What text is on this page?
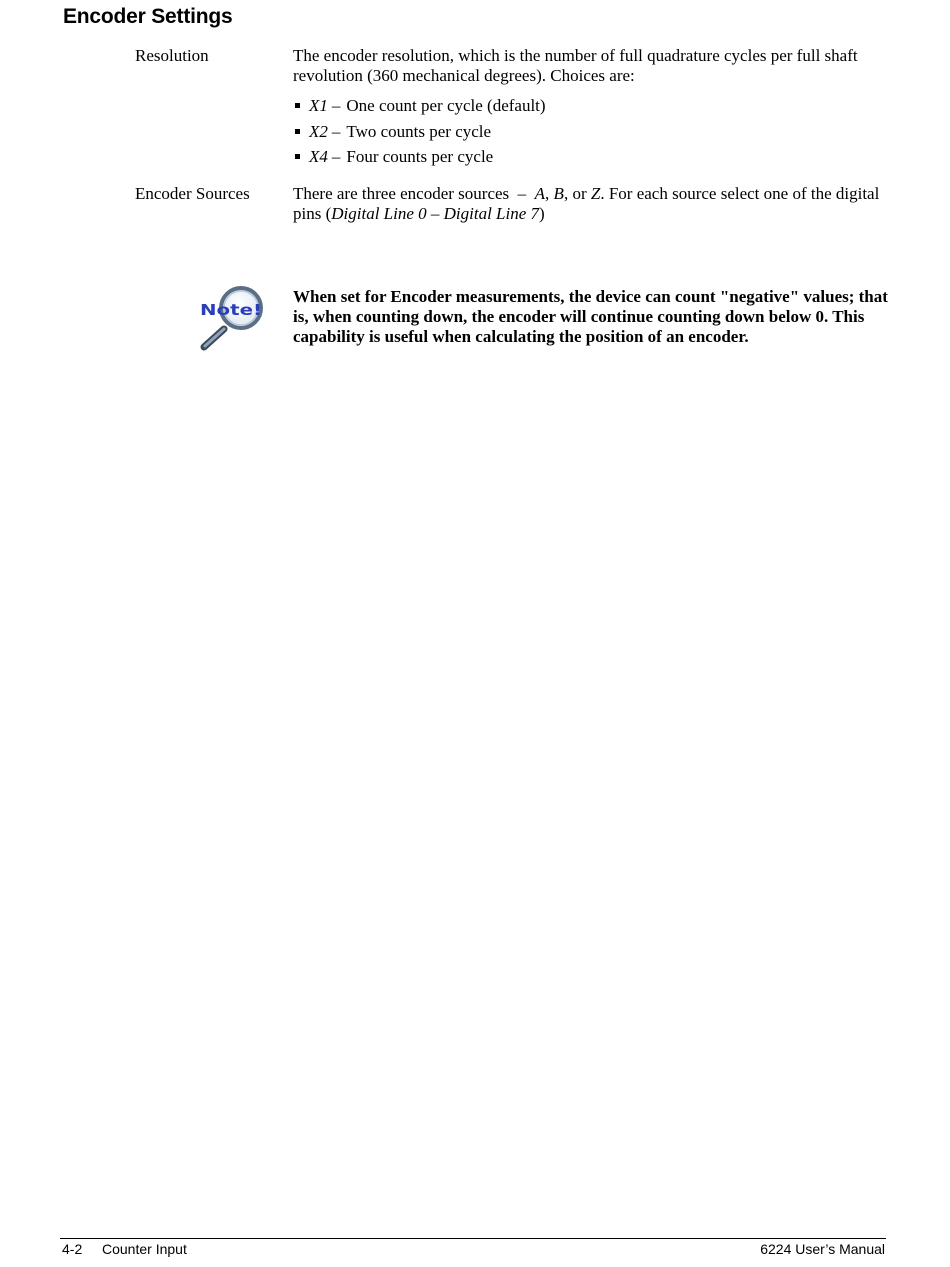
Encoder Settings
Resolution	The encoder resolution, which is the number of full quadrature cycles per full shaft revolution (360 mechanical degrees). Choices are:
X1 – One count per cycle (default)
X2 – Two counts per cycle
X4 – Four counts per cycle
Encoder Sources	There are three encoder sources  –  A, B, or Z. For each source select one of the digital pins (Digital Line 0 – Digital Line 7)
Note!
When set for Encoder measurements, the device can count "negative" values; that is, when counting down, the encoder will continue counting down below 0. This capability is useful when calculating the position of an encoder.
4-2 Counter Input	6224 User’s Manual
